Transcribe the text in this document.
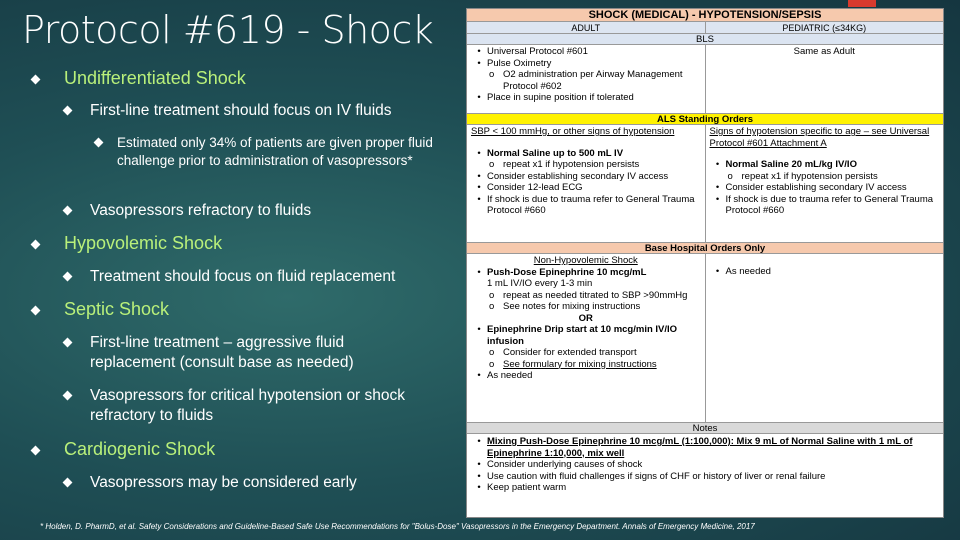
Protocol #619 - Shock
Undifferentiated Shock
First-line treatment should focus on IV fluids
Estimated only 34% of patients are given proper fluid challenge prior to administration of vasopressors*
Vasopressors refractory to fluids
Hypovolemic Shock
Treatment should focus on fluid replacement
Septic Shock
First-line treatment – aggressive fluid replacement (consult base as needed)
Vasopressors for critical hypotension or shock refractory to fluids
Cardiogenic Shock
Vasopressors may be considered early
SHOCK (MEDICAL) - HYPOTENSION/SEPSIS
ADULT	PEDIATRIC (≤34KG)
BLS
• Universal Protocol #601
• Pulse Oximetry
o O2 administration per Airway Management Protocol #602
• Place in supine position if tolerated
Same as Adult
ALS Standing Orders
SBP < 100 mmHg, or other signs of hypotension
• Normal Saline up to 500 mL IV
o repeat x1 if hypotension persists
• Consider establishing secondary IV access
• Consider 12-lead ECG
• If shock is due to trauma refer to General Trauma Protocol #660
Signs of hypotension specific to age – see Universal Protocol #601 Attachment A
• Normal Saline 20 mL/kg IV/IO
o repeat x1 if hypotension persists
• Consider establishing secondary IV access
• If shock is due to trauma refer to General Trauma Protocol #660
Base Hospital Orders Only
Non-Hypovolemic Shock
• Push-Dose Epinephrine 10 mcg/mL
1 mL IV/IO every 1-3 min
o repeat as needed titrated to SBP >90mmHg
o See notes for mixing instructions
OR
• Epinephrine Drip start at 10 mcg/min IV/IO infusion
o Consider for extended transport
o See formulary for mixing instructions
• As needed
• As needed
Notes
• Mixing Push-Dose Epinephrine 10 mcg/mL (1:100,000): Mix 9 mL of Normal Saline with 1 mL of Epinephrine 1:10,000, mix well
• Consider underlying causes of shock
• Use caution with fluid challenges if signs of CHF or history of liver or renal failure
• Keep patient warm
* Holden, D. PharmD, et al. Safety Considerations and Guideline-Based Safe Use Recommendations for "Bolus-Dose" Vasopressors in the Emergency Department. Annals of Emergency Medicine, 2017
